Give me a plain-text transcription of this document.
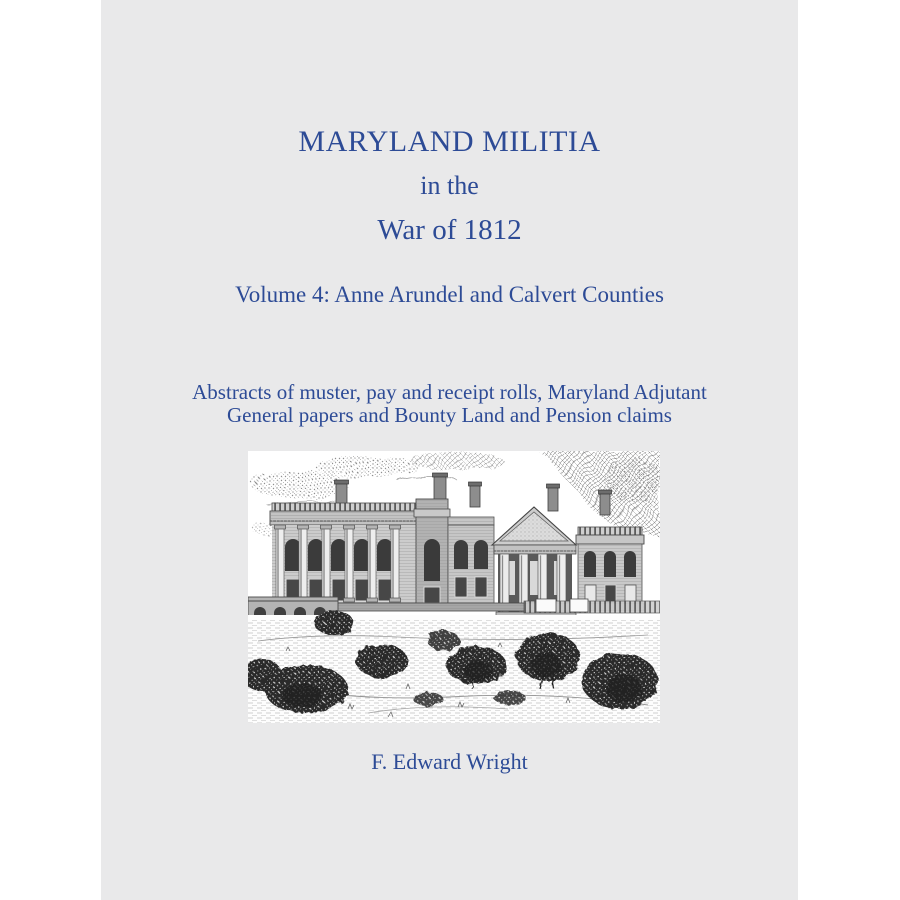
MARYLAND MILITIA
in the
War of 1812
Volume 4: Anne Arundel and Calvert Counties
Abstracts of muster, pay and receipt rolls, Maryland Adjutant
General papers and Bounty Land and Pension claims
F. Edward Wright
